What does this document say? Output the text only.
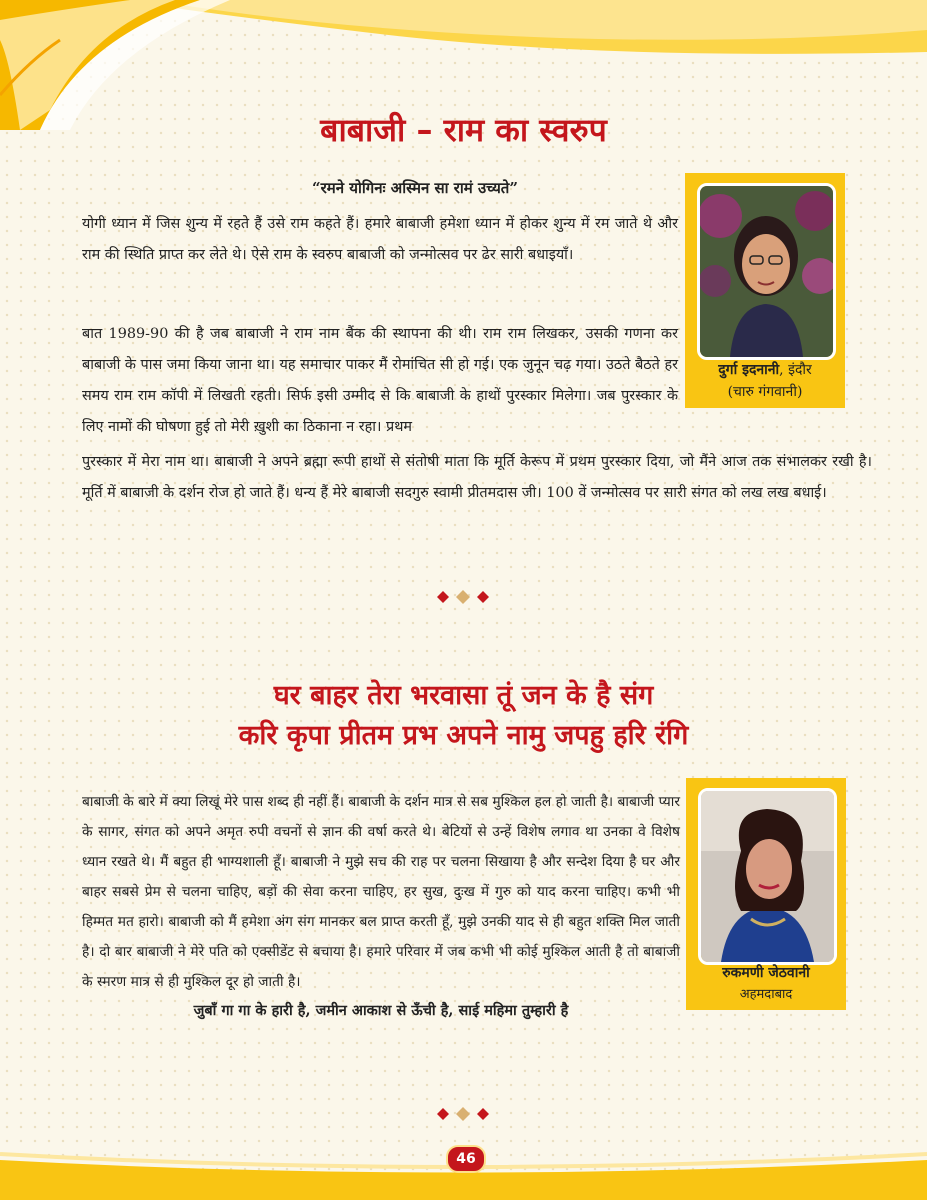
बाबाजी – राम का स्वरुप
“रमने योगिनः अस्मिन सा रामं उच्यते”

योगी ध्यान में जिस शुन्य में रहते हैं उसे राम कहते हैं। हमारे बाबाजी हमेशा ध्यान में होकर शुन्य में रम जाते थे और राम की स्थिति प्राप्त कर लेते थे। ऐसे राम के स्वरुप बाबाजी को जन्मोत्सव पर ढेर सारी बधाइयाँ।

बात 1989-90 की है जब बाबाजी ने राम नाम बैंक की स्थापना की थी। राम राम लिखकर, उसकी गणना कर बाबाजी के पास जमा किया जाना था। यह समाचार पाकर मैं रोमांचित सी हो गई। एक जुनून चढ़ गया। उठते बैठते हर समय राम राम कॉपी में लिखती रहती। सिर्फ इसी उम्मीद से कि बाबाजी के हाथों पुरस्कार मिलेगा। जब पुरस्कार के लिए नामों की घोषणा हुई तो मेरी ख़ुशी का ठिकाना न रहा। प्रथम

पुरस्कार में मेरा नाम था। बाबाजी ने अपने ब्रह्मा रूपी हाथों से संतोषी माता कि मूर्ति केरूप में प्रथम पुरस्कार दिया, जो मैंने आज तक संभालकर रखी है। मूर्ति में बाबाजी के दर्शन रोज हो जाते हैं। धन्य हैं मेरे बाबाजी सदगुरु स्वामी प्रीतमदास जी। 100 वें जन्मोत्सव पर सारी संगत को लख लख बधाई।

दुर्गा इदनानी, इंदौर
(चारु गंगवानी)
घर बाहर तेरा भरवासा तूं जन के है संग
करि कृपा प्रीतम प्रभ अपने नामु जपहु हरि रंगि

बाबाजी के बारे में क्या लिखूं मेरे पास शब्द ही नहीं हैं। बाबाजी के दर्शन मात्र से सब मुश्किल हल हो जाती है। बाबाजी प्यार के सागर, संगत को अपने अमृत रुपी वचनों से ज्ञान की वर्षा करते थे। बेटियों से उन्हें विशेष लगाव था उनका वे विशेष ध्यान रखते थे। मैं बहुत ही भाग्यशाली हूँ। बाबाजी ने मुझे सच की राह पर चलना सिखाया है और सन्देश दिया है घर और बाहर सबसे प्रेम से चलना चाहिए, बड़ों की सेवा करना चाहिए, हर सुख, दुःख में गुरु को याद करना चाहिए। कभी भी हिम्मत मत हारो। बाबाजी को मैं हमेशा अंग संग मानकर बल प्राप्त करती हूँ, मुझे उनकी याद से ही बहुत शक्ति मिल जाती है। दो बार बाबाजी ने मेरे पति को एक्सीडेंट से बचाया है। हमारे परिवार में जब कभी भी कोई मुश्किल आती है तो बाबाजी के स्मरण मात्र से ही मुश्किल दूर हो जाती है।

जुबाँ गा गा के हारी है, जमीन आकाश से ऊँची है, साई महिमा तुम्हारी है
रुकमणी जेठवानी
अहमदाबाद
46
